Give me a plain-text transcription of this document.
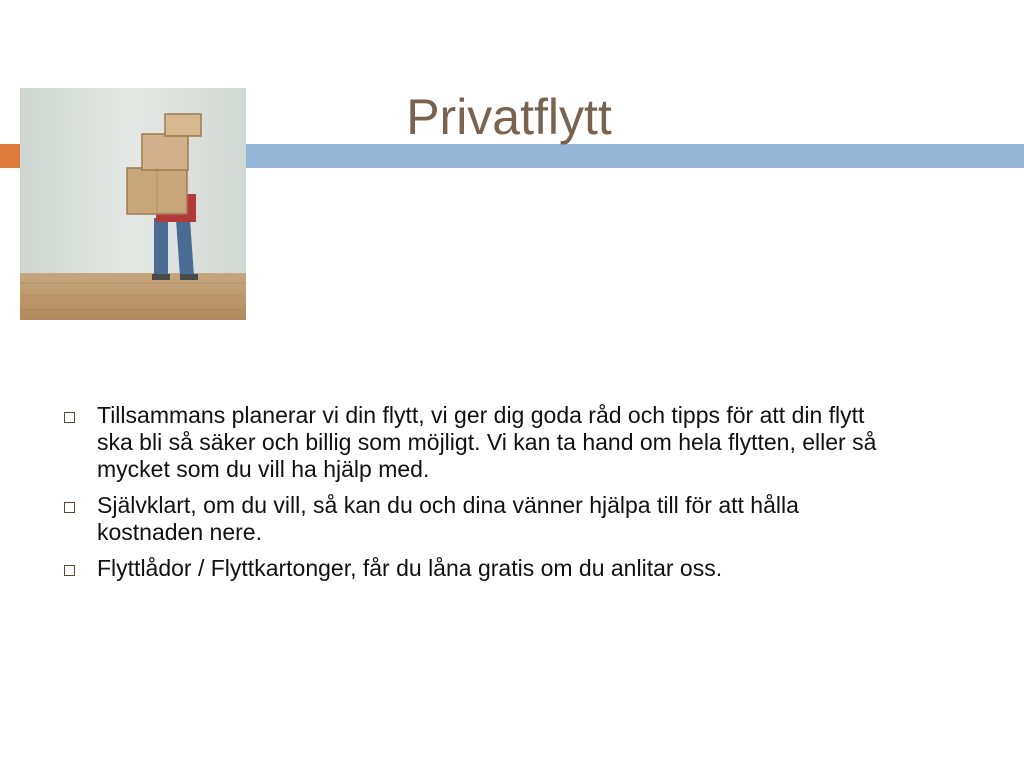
Privatflytt
Tillsammans planerar vi din flytt, vi ger dig goda råd och tipps för att din flytt ska bli så säker och billig som möjligt. Vi kan ta hand om hela flytten, eller så mycket som du vill ha hjälp med.
Självklart, om du vill, så kan du och dina vänner hjälpa till för att hålla kostnaden nere.
Flyttlådor / Flyttkartonger, får du låna gratis om du anlitar oss.
